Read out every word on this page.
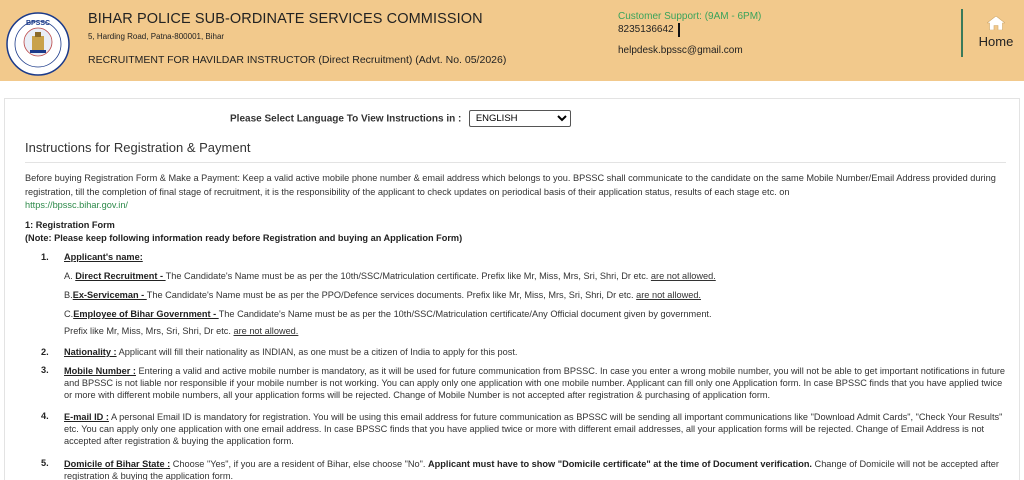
BPSSC	BIHAR POLICE SUB-ORDINATE SERVICES COMMISSION
5, Harding Road, Patna-800001, Bihar
RECRUITMENT FOR HAVILDAR INSTRUCTOR (Direct Recruitment) (Advt. No. 05/2026)
Customer Support: (9AM - 6PM)
8235136642
helpdesk.bpssc@gmail.com
Home
Please Select Language To View Instructions in :
ENGLISH
Instructions for Registration & Payment
Before buying Registration Form & Make a Payment: Keep a valid active mobile phone number & email address which belongs to you. BPSSC shall communicate to the candidate on the same Mobile Number/Email Address provided during registration, till the completion of final stage of recruitment, it is the responsibility of the applicant to check updates on periodical basis of their application status, results of each stage etc. on
https://bpssc.bihar.gov.in/
1: Registration Form
(Note: Please keep following information ready before Registration and buying an Application Form)
1. Applicant's name:
A. Direct Recruitment - The Candidate's Name must be as per the 10th/SSC/Matriculation certificate. Prefix like Mr, Miss, Mrs, Sri, Shri, Dr etc. are not allowed.
B.Ex-Serviceman - The Candidate's Name must be as per the PPO/Defence services documents. Prefix like Mr, Miss, Mrs, Sri, Shri, Dr etc. are not allowed.
C.Employee of Bihar Government - The Candidate's Name must be as per the 10th/SSC/Matriculation certificate/Any Official document given by government.
Prefix like Mr, Miss, Mrs, Sri, Shri, Dr etc. are not allowed.
2. Nationality : Applicant will fill their nationality as INDIAN, as one must be a citizen of India to apply for this post.
3. Mobile Number : Entering a valid and active mobile number is mandatory, as it will be used for future communication from BPSSC. In case you enter a wrong mobile number, you will not be able to get important notifications in future and BPSSC is not liable nor responsible if your mobile number is not working. You can apply only one application with one mobile number. Applicant can fill only one Application form. In case BPSSC finds that you have applied twice or more with different mobile numbers, all your application forms will be rejected. Change of Mobile Number is not accepted after registration & purchasing of application form.
4. E-mail ID : A personal Email ID is mandatory for registration. You will be using this email address for future communication as BPSSC will be sending all important communications like "Download Admit Cards", "Check Your Results" etc. You can apply only one application with one email address. In case BPSSC finds that you have applied twice or more with different email addresses, all your application forms will be rejected. Change of Email Address is not accepted after registration & buying the application form.
5. Domicile of Bihar State : Choose "Yes", if you are a resident of Bihar, else choose "No". Applicant must have to show "Domicile certificate" at the time of Document verification. Change of Domicile will not be accepted after registration & buying the application form.
